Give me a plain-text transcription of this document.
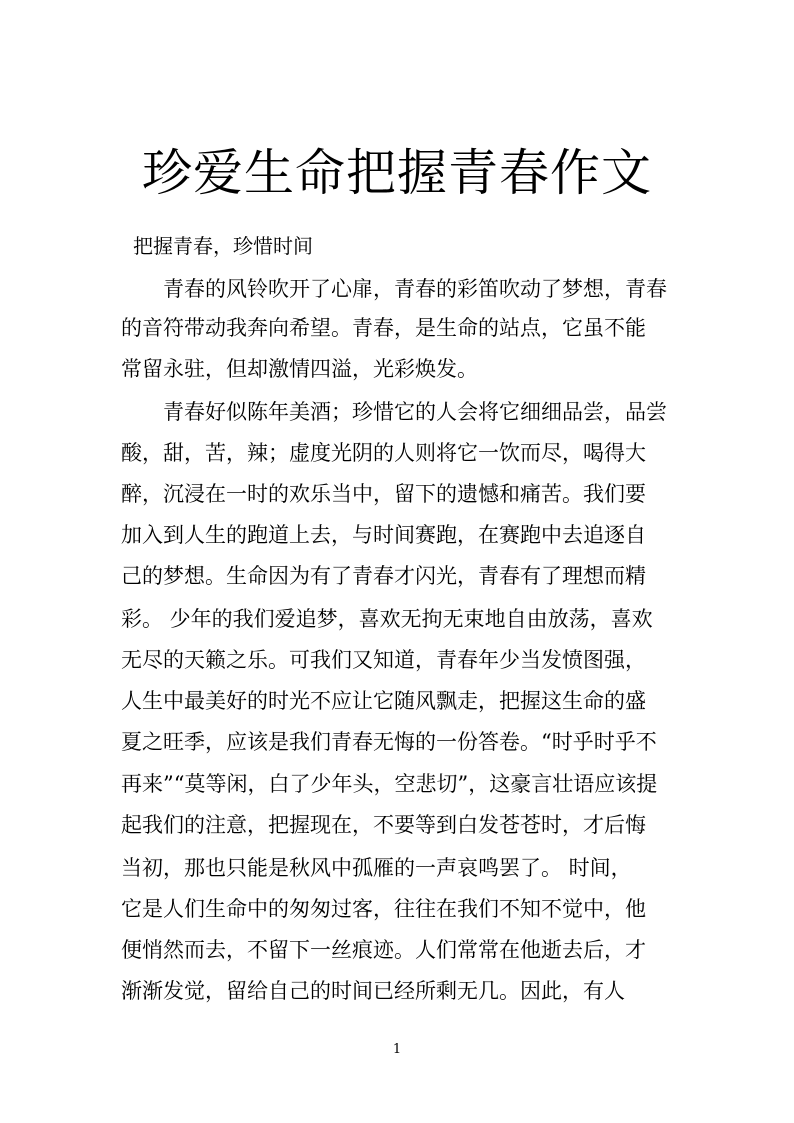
珍爱生命把握青春作文

把握青春，珍惜时间

青春的风铃吹开了心扉，青春的彩笛吹动了梦想，青春

的音符带动我奔向希望。青春，是生命的站点，它虽不能

常留永驻，但却激情四溢，光彩焕发。

青春好似陈年美酒；珍惜它的人会将它细细品尝，品尝

酸，甜，苦，辣；虚度光阴的人则将它一饮而尽，喝得大

醉，沉浸在一时的欢乐当中，留下的遗憾和痛苦。我们要

加入到人生的跑道上去，与时间赛跑，在赛跑中去追逐自

己的梦想。生命因为有了青春才闪光，青春有了理想而精

彩。 少年的我们爱追梦，喜欢无拘无束地自由放荡，喜欢

无尽的天籁之乐。可我们又知道，青春年少当发愤图强，

人生中最美好的时光不应让它随风飘走，把握这生命的盛

夏之旺季，应该是我们青春无悔的一份答卷。“时乎时乎不

再来”“莫等闲，白了少年头，空悲切”，这豪言壮语应该提

起我们的注意，把握现在，不要等到白发苍苍时，才后悔

当初，那也只能是秋风中孤雁的一声哀鸣罢了。 时间，

它是人们生命中的匆匆过客，往往在我们不知不觉中，他

便悄然而去，不留下一丝痕迹。人们常常在他逝去后，才

渐渐发觉，留给自己的时间已经所剩无几。因此，有人

1
